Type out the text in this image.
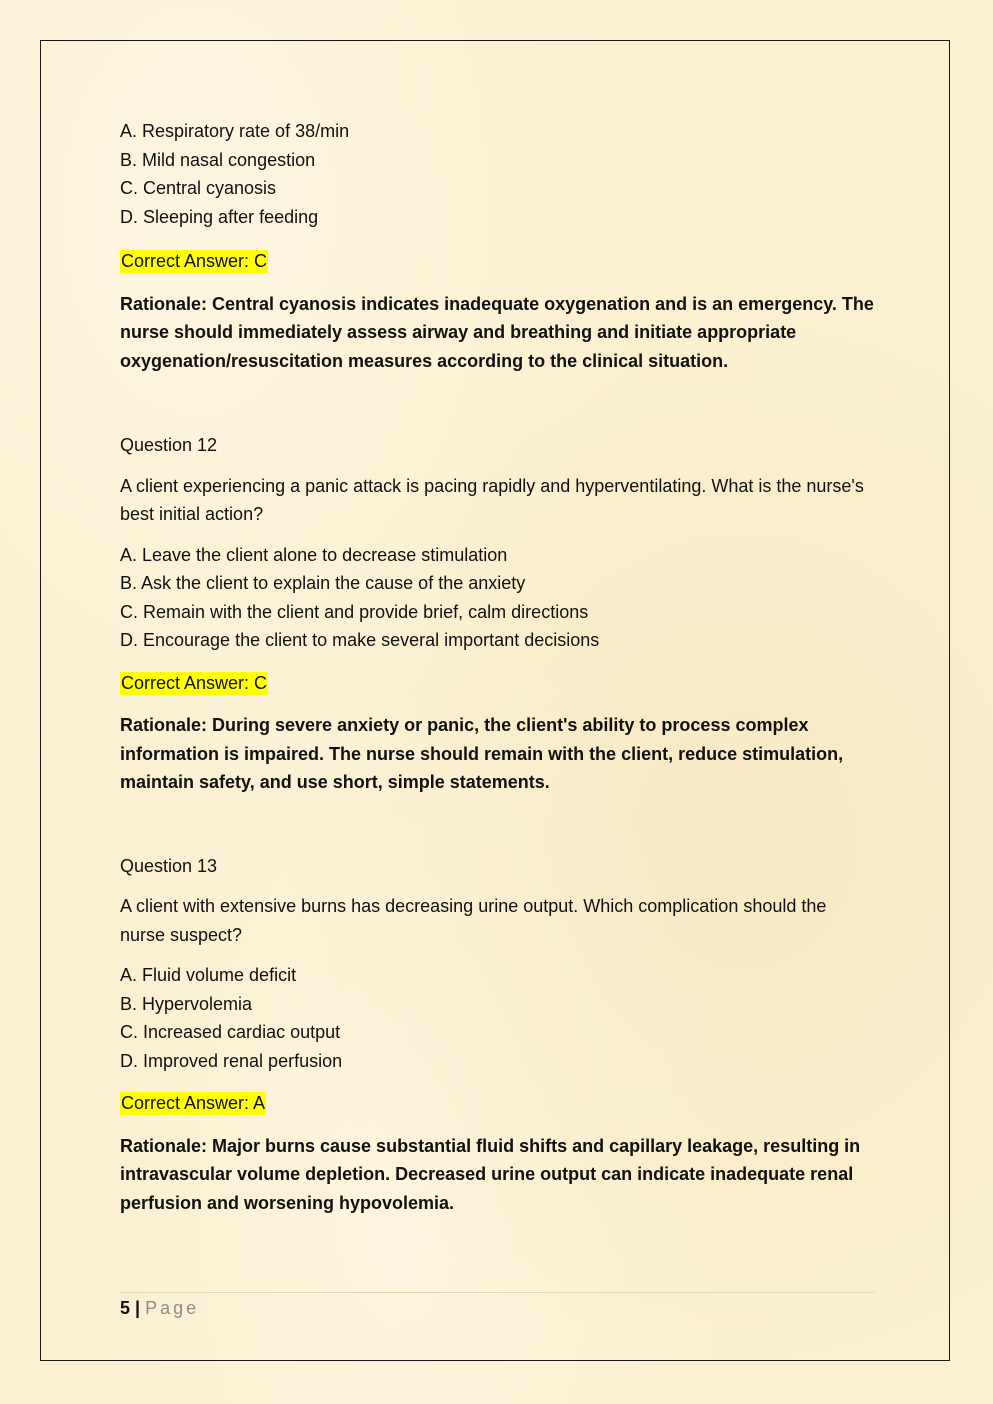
A. Respiratory rate of 38/min
B. Mild nasal congestion
C. Central cyanosis
D. Sleeping after feeding
Correct Answer: C

Rationale: Central cyanosis indicates inadequate oxygenation and is an emergency. The nurse should immediately assess airway and breathing and initiate appropriate oxygenation/resuscitation measures according to the clinical situation.

Question 12

A client experiencing a panic attack is pacing rapidly and hyperventilating. What is the nurse's best initial action?

A. Leave the client alone to decrease stimulation
B. Ask the client to explain the cause of the anxiety
C. Remain with the client and provide brief, calm directions
D. Encourage the client to make several important decisions
Correct Answer: C

Rationale: During severe anxiety or panic, the client's ability to process complex information is impaired. The nurse should remain with the client, reduce stimulation, maintain safety, and use short, simple statements.

Question 13

A client with extensive burns has decreasing urine output. Which complication should the nurse suspect?

A. Fluid volume deficit
B. Hypervolemia
C. Increased cardiac output
D. Improved renal perfusion
Correct Answer: A

Rationale: Major burns cause substantial fluid shifts and capillary leakage, resulting in intravascular volume depletion. Decreased urine output can indicate inadequate renal perfusion and worsening hypovolemia.

5 | Page
